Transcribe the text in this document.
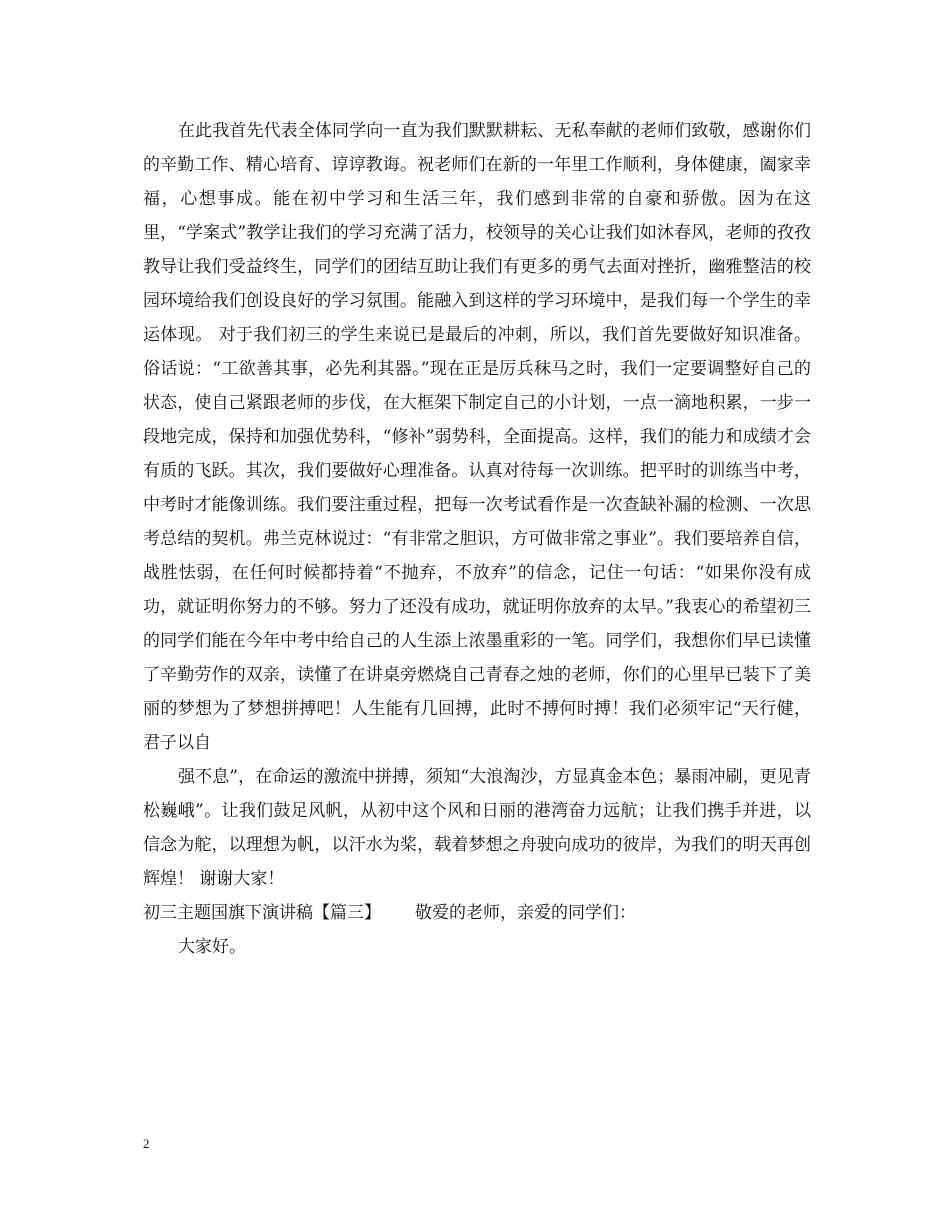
在此我首先代表全体同学向一直为我们默默耕耘、无私奉献的老师们致敬，感谢你们的辛勤工作、精心培育、谆谆教诲。祝老师们在新的一年里工作顺利，身体健康，阖家幸福，心想事成。能在初中学习和生活三年，我们感到非常的自豪和骄傲。因为在这里，“学案式”教学让我们的学习充满了活力，校领导的关心让我们如沐春风，老师的孜孜教导让我们受益终生，同学们的团结互助让我们有更多的勇气去面对挫折，幽雅整洁的校园环境给我们创设良好的学习氛围。能融入到这样的学习环境中，是我们每一个学生的幸运体现。 对于我们初三的学生来说已是最后的冲刺，所以，我们首先要做好知识准备。俗话说：“工欲善其事，必先利其器。”现在正是厉兵秣马之时，我们一定要调整好自己的状态，使自己紧跟老师的步伐，在大框架下制定自己的小计划，一点一滴地积累，一步一段地完成，保持和加强优势科，“修补”弱势科，全面提高。这样，我们的能力和成绩才会有质的飞跃。其次，我们要做好心理准备。认真对待每一次训练。把平时的训练当中考，中考时才能像训练。我们要注重过程，把每一次考试看作是一次查缺补漏的检测、一次思考总结的契机。弗兰克林说过：“有非常之胆识，方可做非常之事业”。我们要培养自信，战胜怯弱，在任何时候都持着“不抛弃，不放弃”的信念，记住一句话：“如果你没有成功，就证明你努力的不够。努力了还没有成功，就证明你放弃的太早。”我衷心的希望初三的同学们能在今年中考中给自己的人生添上浓墨重彩的一笔。同学们，我想你们早已读懂了辛勤劳作的双亲，读懂了在讲桌旁燃烧自己青春之烛的老师，你们的心里早已装下了美丽的梦想为了梦想拼搏吧！人生能有几回搏，此时不搏何时搏！我们必须牢记“天行健，君子以自

强不息”，在命运的激流中拼搏，须知“大浪淘沙，方显真金本色；暴雨冲刷，更见青松巍峨”。让我们鼓足风帆，从初中这个风和日丽的港湾奋力远航；让我们携手并进，以信念为舵，以理想为帆，以汗水为桨，载着梦想之舟驶向成功的彼岸，为我们的明天再创辉煌！ 谢谢大家！

初三主题国旗下演讲稿【篇三】 敬爱的老师，亲爱的同学们：

大家好。

2
